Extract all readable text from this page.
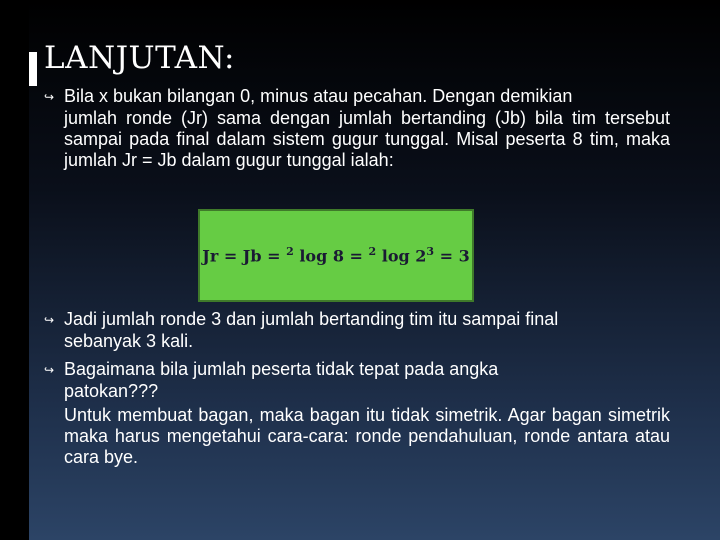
LANJUTAN:
↪ Bila x bukan bilangan 0, minus atau pecahan. Dengan demikian
jumlah ronde (Jr) sama dengan jumlah bertanding (Jb) bila tim tersebut sampai pada final dalam sistem gugur tunggal. Misal peserta 8 tim, maka jumlah Jr = Jb dalam gugur tunggal ialah:
Jr = Jb = $^2$ log 8 = $^2$ $\log 2^3 = 3$
↪ Jadi jumlah ronde 3 dan jumlah bertanding tim itu sampai final
sebanyak 3 kali.
↪ Bagaimana bila jumlah peserta tidak tepat pada angka
patokan???
Untuk membuat bagan, maka bagan itu tidak simetrik. Agar bagan simetrik maka harus mengetahui cara-cara: ronde pendahuluan, ronde antara atau cara bye.
